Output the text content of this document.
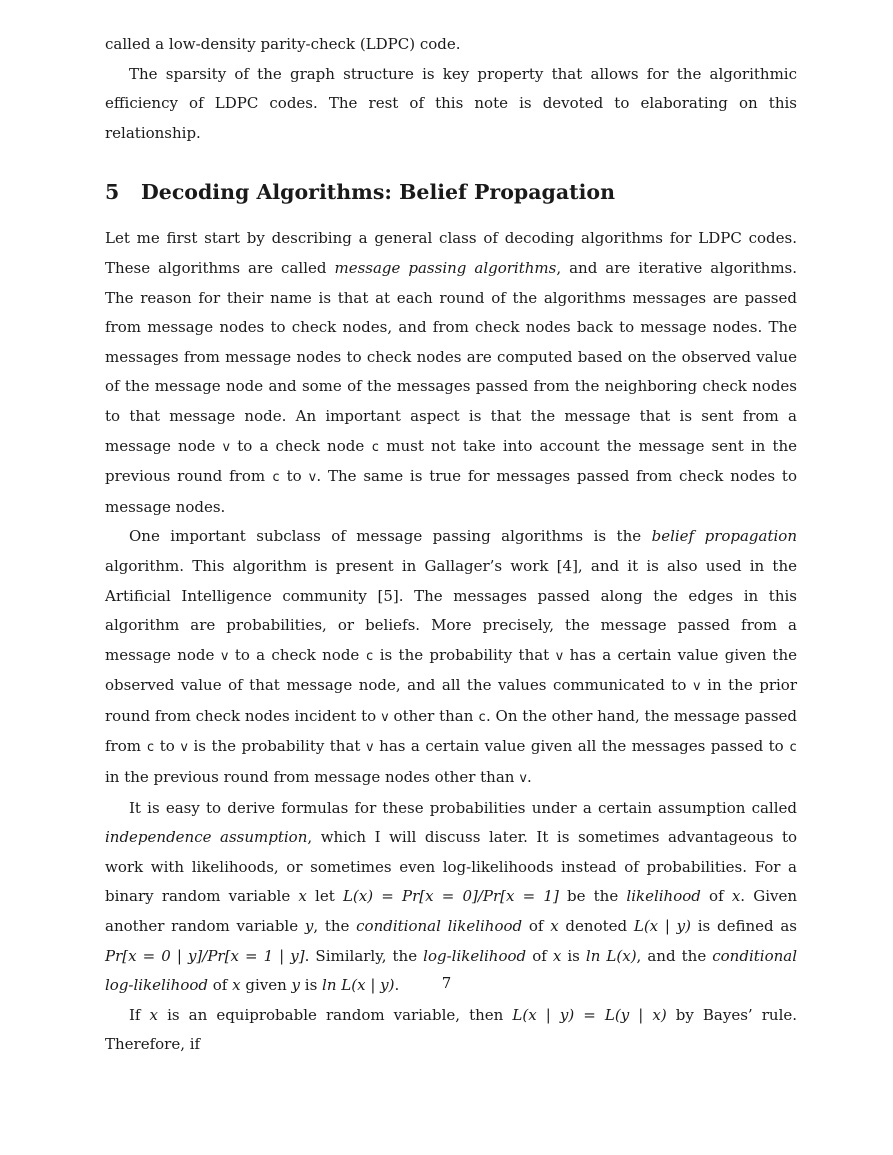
called a low-density parity-check (LDPC) code.

The sparsity of the graph structure is key property that allows for the algorithmic efficiency of LDPC codes. The rest of this note is devoted to elaborating on this relationship.

5 Decoding Algorithms: Belief Propagation

Let me first start by describing a general class of decoding algorithms for LDPC codes. These algorithms are called message passing algorithms, and are iterative algorithms. The reason for their name is that at each round of the algorithms messages are passed from message nodes to check nodes, and from check nodes back to message nodes. The messages from message nodes to check nodes are computed based on the observed value of the message node and some of the messages passed from the neighboring check nodes to that message node. An important aspect is that the message that is sent from a message node v to a check node c must not take into account the message sent in the previous round from c to v. The same is true for messages passed from check nodes to message nodes.

One important subclass of message passing algorithms is the belief propagation algorithm. This algorithm is present in Gallager’s work [4], and it is also used in the Artificial Intelligence community [5]. The messages passed along the edges in this algorithm are probabilities, or beliefs. More precisely, the message passed from a message node v to a check node c is the probability that v has a certain value given the observed value of that message node, and all the values communicated to v in the prior round from check nodes incident to v other than c. On the other hand, the message passed from c to v is the probability that v has a certain value given all the messages passed to c in the previous round from message nodes other than v.

It is easy to derive formulas for these probabilities under a certain assumption called independence assumption, which I will discuss later. It is sometimes advantageous to work with likelihoods, or sometimes even log-likelihoods instead of probabilities. For a binary random variable x let L(x) = Pr[x = 0]/Pr[x = 1] be the likelihood of x. Given another random variable y, the conditional likelihood of x denoted L(x | y) is defined as Pr[x = 0 | y]/Pr[x = 1 | y]. Similarly, the log-likelihood of x is ln L(x), and the conditional log-likelihood of x given y is ln L(x | y).

If x is an equiprobable random variable, then L(x | y) = L(y | x) by Bayes’ rule. Therefore, if

7
